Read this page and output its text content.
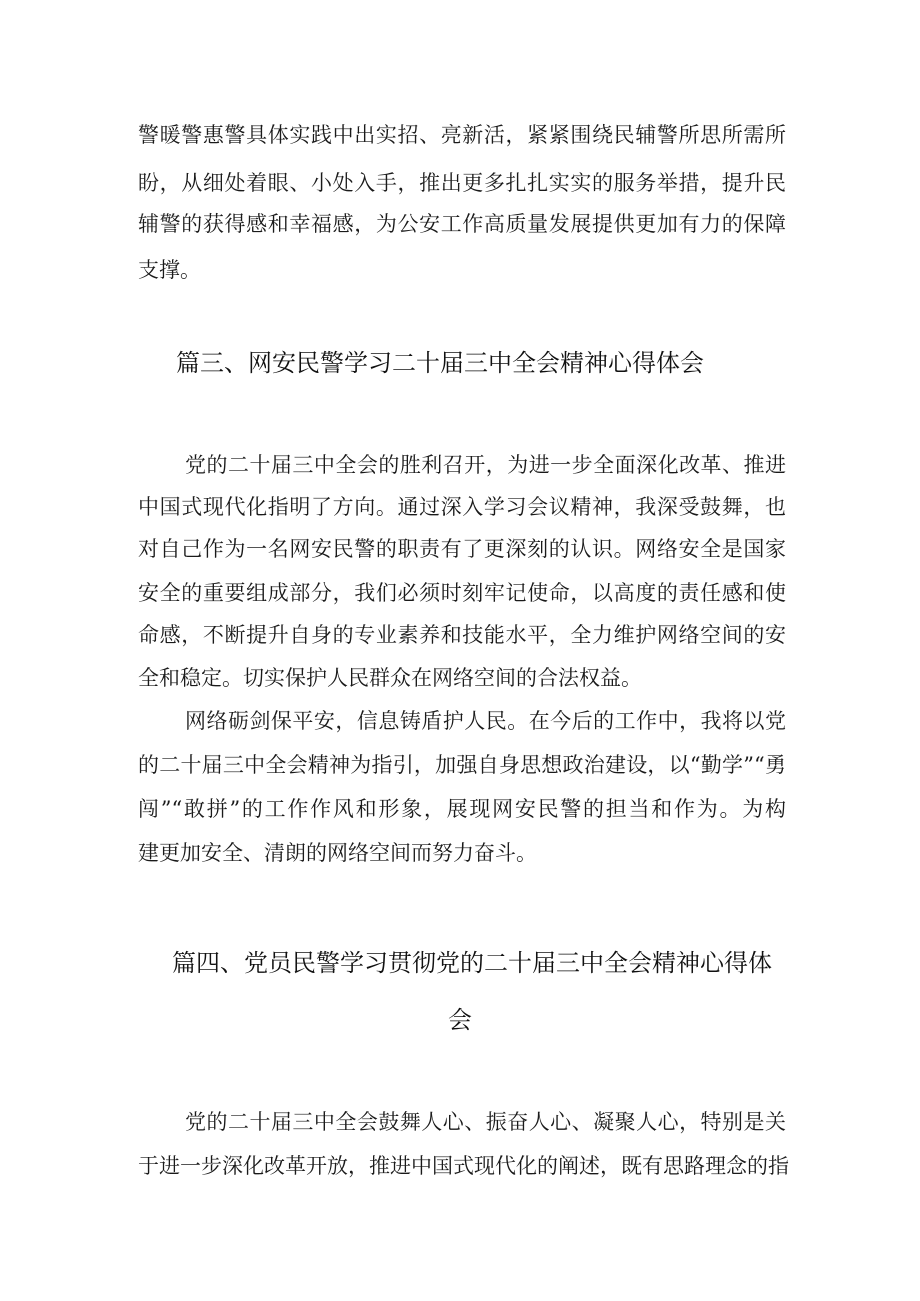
警暖警惠警具体实践中出实招、亮新活，紧紧围绕民辅警所思所需所
盼，从细处着眼、小处入手，推出更多扎扎实实的服务举措，提升民
辅警的获得感和幸福感，为公安工作高质量发展提供更加有力的保障
支撑。
篇三、网安民警学习二十届三中全会精神心得体会
党的二十届三中全会的胜利召开，为进一步全面深化改革、推进
中国式现代化指明了方向。通过深入学习会议精神，我深受鼓舞，也
对自己作为一名网安民警的职责有了更深刻的认识。网络安全是国家
安全的重要组成部分，我们必须时刻牢记使命，以高度的责任感和使
命感，不断提升自身的专业素养和技能水平，全力维护网络空间的安
全和稳定。切实保护人民群众在网络空间的合法权益。
网络砺剑保平安，信息铸盾护人民。在今后的工作中，我将以党
的二十届三中全会精神为指引，加强自身思想政治建设，以“勤学”“勇
闯”“敢拼”的工作作风和形象，展现网安民警的担当和作为。为构
建更加安全、清朗的网络空间而努力奋斗。
篇四、党员民警学习贯彻党的二十届三中全会精神心得体
会
党的二十届三中全会鼓舞人心、振奋人心、凝聚人心，特别是关
于进一步深化改革开放，推进中国式现代化的阐述，既有思路理念的指
